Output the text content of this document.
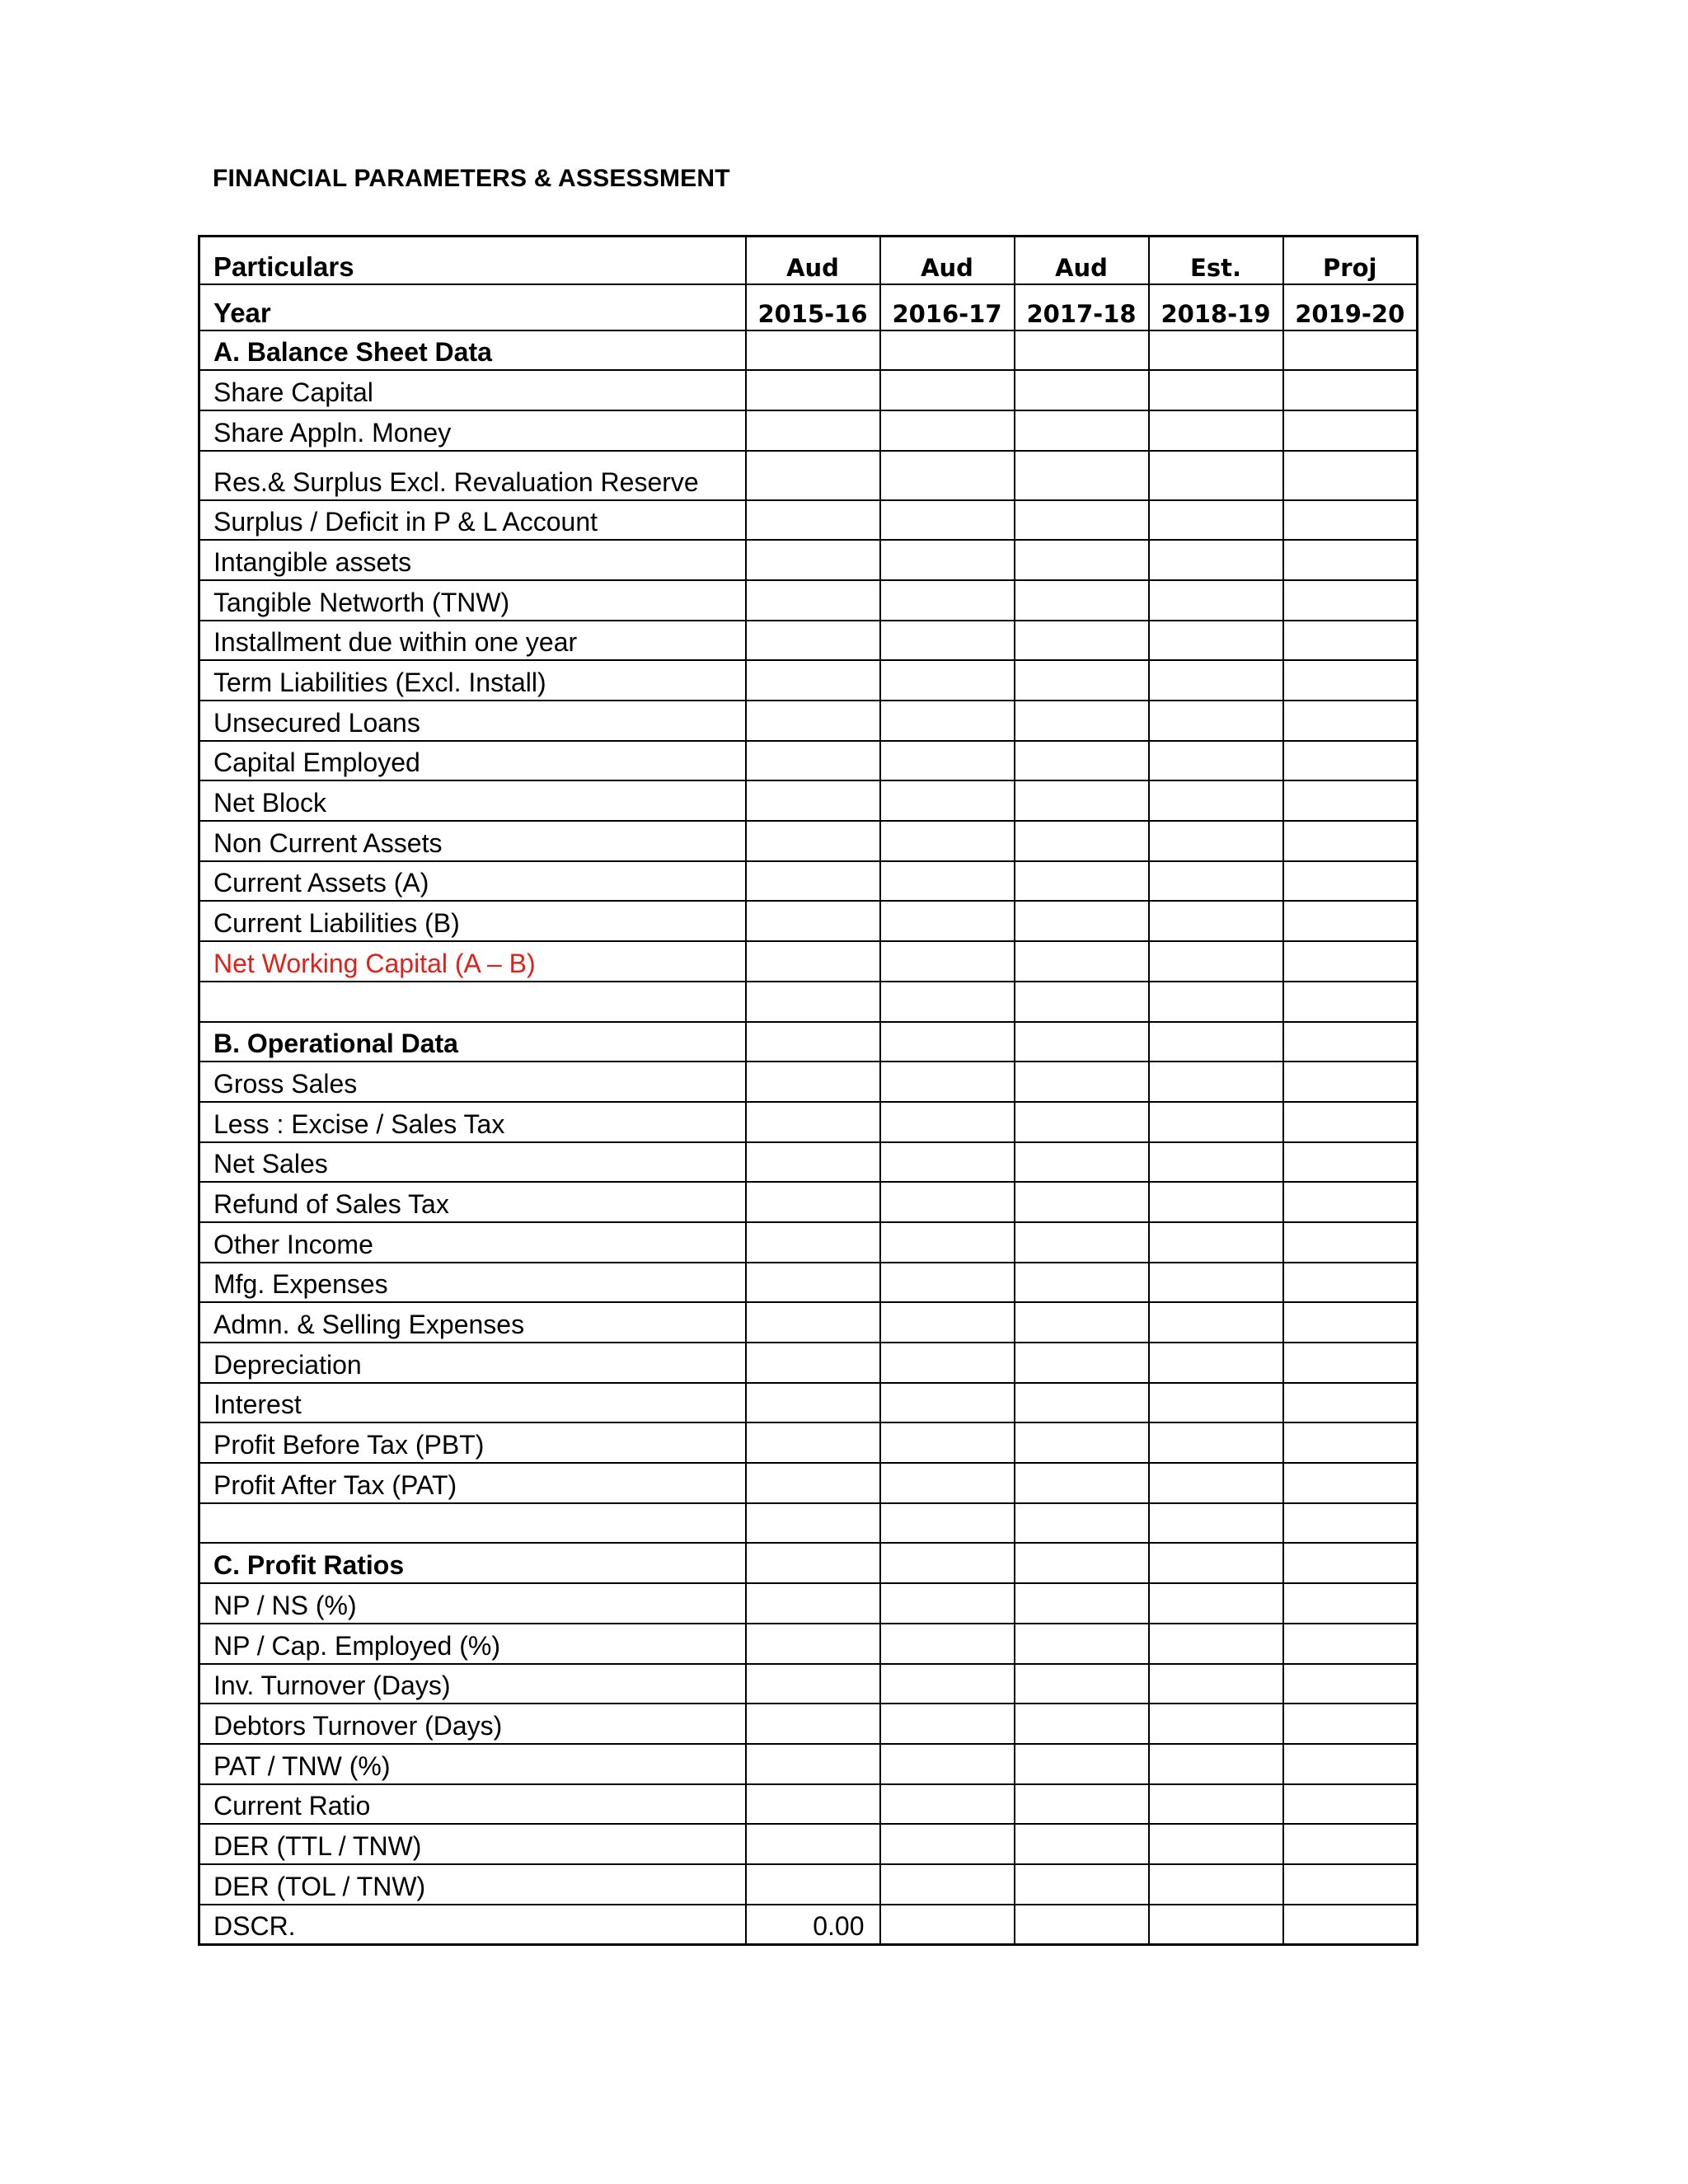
FINANCIAL PARAMETERS & ASSESSMENT
Particulars	Aud	Aud	Aud	Est.	Proj
Year	2015-16	2016-17	2017-18	2018-19	2019-20
A. Balance Sheet Data					
Share Capital					
Share Appln. Money					
Res.& Surplus Excl. Revaluation Reserve					
Surplus / Deficit in P & L Account					
Intangible assets					
Tangible Networth (TNW)					
Installment due within one year					
Term Liabilities (Excl. Install)					
Unsecured Loans					
Capital Employed					
Net Block					
Non Current Assets					
Current Assets (A)					
Current Liabilities (B)					
Net Working Capital (A – B)					

B. Operational Data					
Gross Sales					
Less : Excise / Sales Tax					
Net Sales					
Refund of Sales Tax					
Other Income					
Mfg. Expenses					
Admn. & Selling Expenses					
Depreciation					
Interest					
Profit Before Tax (PBT)					
Profit After Tax (PAT)					

C. Profit Ratios					
NP / NS (%)					
NP / Cap. Employed (%)					
Inv. Turnover (Days)					
Debtors Turnover (Days)					
PAT / TNW (%)					
Current Ratio					
DER (TTL / TNW)					
DER (TOL / TNW)					
DSCR.	0.00				
